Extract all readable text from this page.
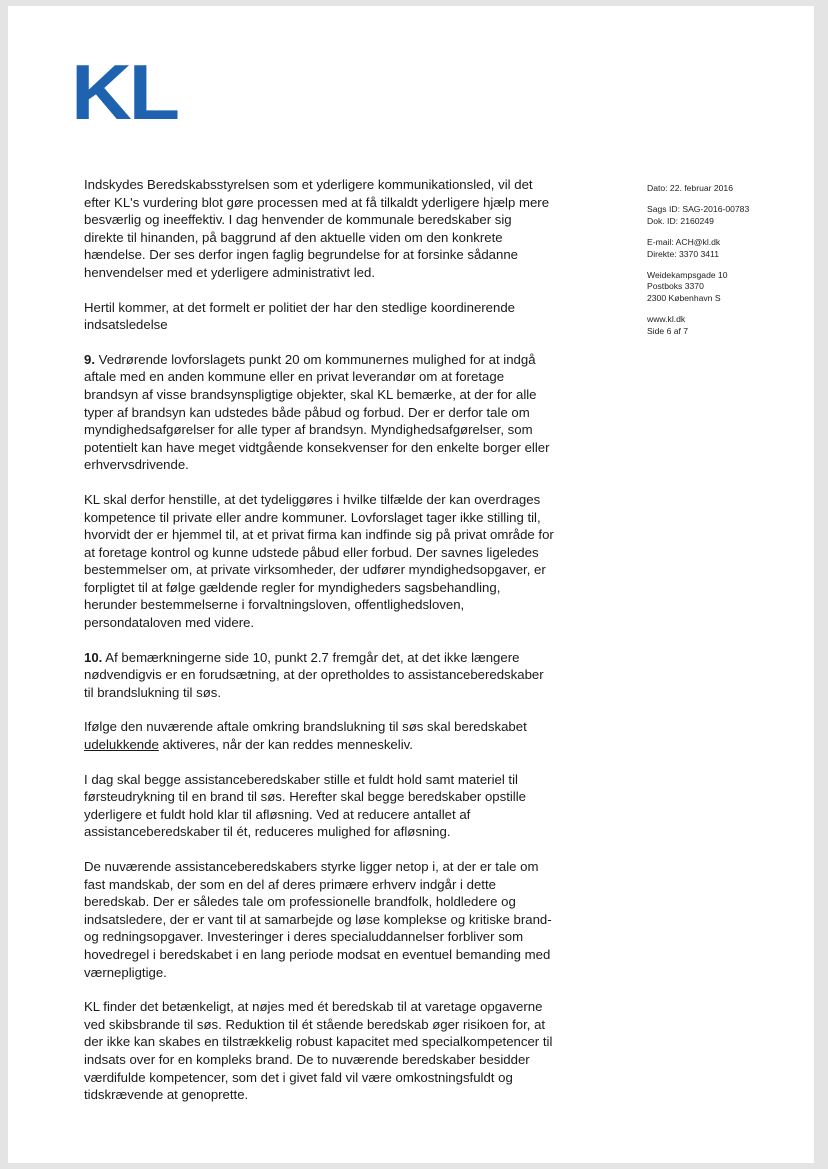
KL
Dato: 22. februar 2016
Sags ID: SAG-2016-00783
Dok. ID: 2160249
E-mail: ACH@kl.dk
Direkte: 3370 3411
Weidekampsgade 10
Postboks 3370
2300 København S
www.kl.dk
Side 6 af 7

Indskydes Beredskabsstyrelsen som et yderligere kommunikationsled, vil det efter KL's vurdering blot gøre processen med at få tilkaldt yderligere hjælp mere besværlig og ineeffektiv. I dag henvender de kommunale beredskaber sig direkte til hinanden, på baggrund af den aktuelle viden om den konkrete hændelse. Der ses derfor ingen faglig begrundelse for at forsinke sådanne henvendelser med et yderligere administrativt led.

Hertil kommer, at det formelt er politiet der har den stedlige koordinerende indsatsledelse

9. Vedrørende lovforslagets punkt 20 om kommunernes mulighed for at indgå aftale med en anden kommune eller en privat leverandør om at foretage brandsyn af visse brandsynspligtige objekter, skal KL bemærke, at der for alle typer af brandsyn kan udstedes både påbud og forbud. Der er derfor tale om myndighedsafgørelser for alle typer af brandsyn. Myndighedsafgørelser, som potentielt kan have meget vidtgående konsekvenser for den enkelte borger eller erhvervsdrivende.

KL skal derfor henstille, at det tydeliggøres i hvilke tilfælde der kan overdrages kompetence til private eller andre kommuner. Lovforslaget tager ikke stilling til, hvorvidt der er hjemmel til, at et privat firma kan indfinde sig på privat område for at foretage kontrol og kunne udstede påbud eller forbud. Der savnes ligeledes bestemmelser om, at private virksomheder, der udfører myndighedsopgaver, er forpligtet til at følge gældende regler for myndigheders sagsbehandling, herunder bestemmelserne i forvaltningsloven, offentlighedsloven, persondataloven med videre.

10. Af bemærkningerne side 10, punkt 2.7 fremgår det, at det ikke længere nødvendigvis er en forudsætning, at der opretholdes to assistanceberedskaber til brandslukning til søs.

Ifølge den nuværende aftale omkring brandslukning til søs skal beredskabet udelukkende aktiveres, når der kan reddes menneskeliv.

I dag skal begge assistanceberedskaber stille et fuldt hold samt materiel til førsteudrykning til en brand til søs. Herefter skal begge beredskaber opstille yderligere et fuldt hold klar til afløsning. Ved at reducere antallet af assistanceberedskaber til ét, reduceres mulighed for afløsning.

De nuværende assistanceberedskabers styrke ligger netop i, at der er tale om fast mandskab, der som en del af deres primære erhverv indgår i dette beredskab. Der er således tale om professionelle brandfolk, holdledere og indsatsledere, der er vant til at samarbejde og løse komplekse og kritiske brand- og redningsopgaver. Investeringer i deres specialuddannelser forbliver som hovedregel i beredskabet i en lang periode modsat en eventuel bemanding med værnepligtige.

KL finder det betænkeligt, at nøjes med ét beredskab til at varetage opgaverne ved skibsbrande til søs. Reduktion til ét stående beredskab øger risikoen for, at der ikke kan skabes en tilstrækkelig robust kapacitet med specialkompetencer til indsats over for en kompleks brand. De to nuværende beredskaber besidder værdifulde kompetencer, som det i givet fald vil være omkostningsfuldt og tidskrævende at genoprette.
